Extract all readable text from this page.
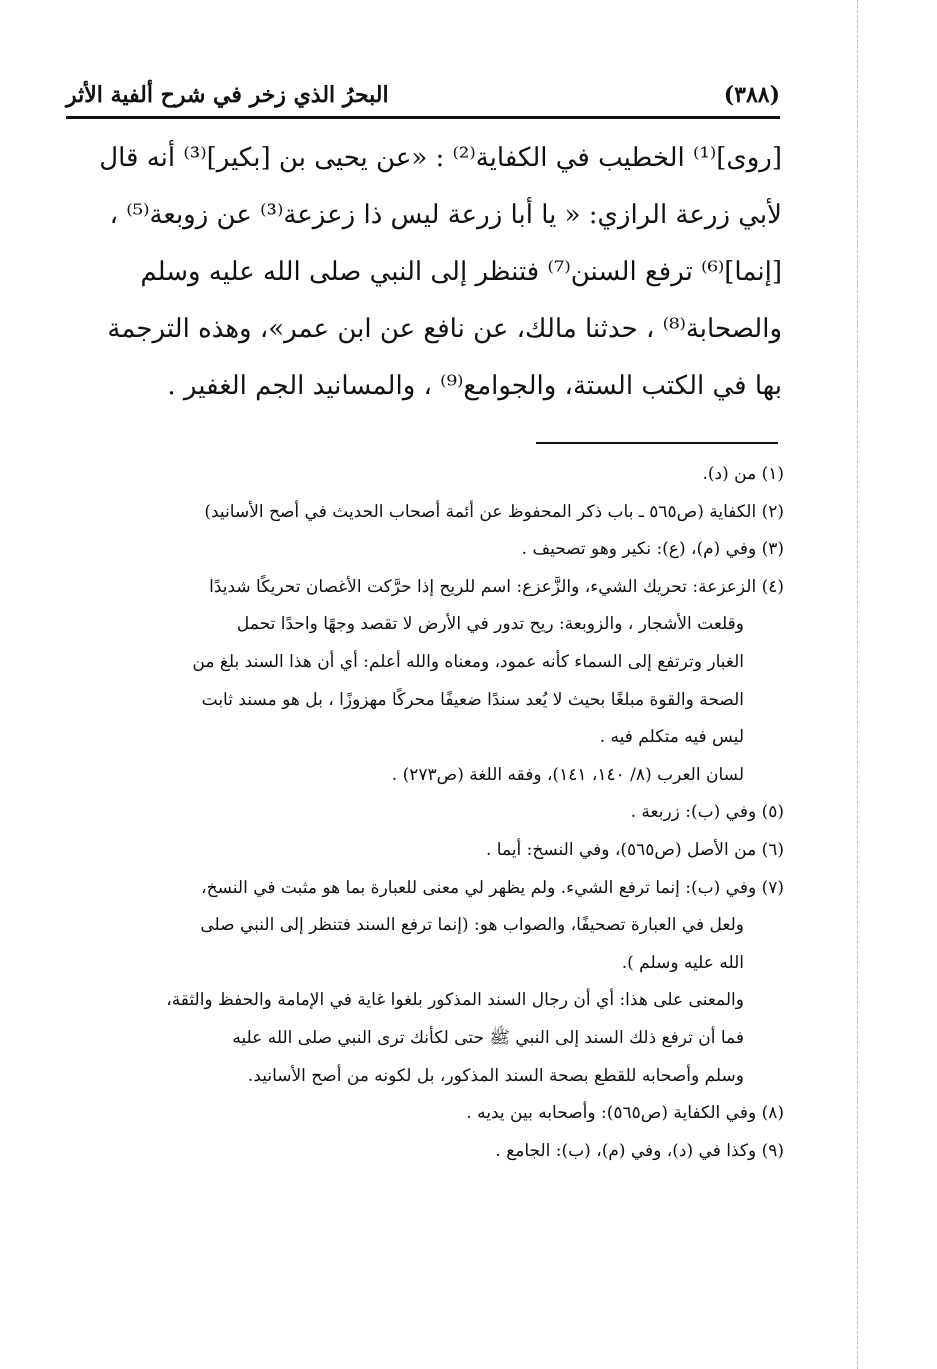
(٣٨٨)
البحرُ الذي زخر في شرح ألفية الأثر

[روى]⁽¹⁾ الخطيب في الكفاية⁽²⁾ : «عن يحيى بن [بكير]⁽³⁾ أنه قال

لأبي زرعة الرازي: « يا أبا زرعة ليس ذا زعزعة⁽³⁾ عن زوبعة⁽⁵⁾ ،

[إنما]⁽⁶⁾ ترفع السنن⁽⁷⁾ فتنظر إلى النبي صلى الله عليه وسلم

والصحابة⁽⁸⁾ ، حدثنا مالك، عن نافع عن ابن عمر»، وهذه الترجمة

بها في الكتب الستة، والجوامع⁽⁹⁾ ، والمسانيد الجم الغفير .

(١) من (د).

(٢) الكفاية (ص٥٦٥ ـ باب ذكر المحفوظ عن أئمة أصحاب الحديث في أصح الأسانيد)

(٣) وفي (م)، (ع): نكير وهو تصحيف .

(٤) الزعزعة: تحريك الشيء، والزَّعزع: اسم للريح إذا حرَّكت الأغصان تحريكًا شديدًا

وقلعت الأشجار ، والزوبعة: ريح تدور في الأرض لا تقصد وجهًا واحدًا تحمل

الغبار وترتفع إلى السماء كأنه عمود، ومعناه والله أعلم: أي أن هذا السند بلغ من

الصحة والقوة مبلغًا بحيث لا يُعد سندًا ضعيفًا محركًا مهزوزًا ، بل هو مسند ثابت

ليس فيه متكلم فيه .

لسان العرب (٨/ ١٤٠، ١٤١)، وفقه اللغة (ص٢٧٣) .

(٥) وفي (ب): زربعة .

(٦) من الأصل (ص٥٦٥)، وفي النسخ: أيما .

(٧) وفي (ب): إنما ترفع الشيء. ولم يظهر لي معنى للعبارة بما هو مثبت في النسخ،

ولعل في العبارة تصحيفًا، والصواب هو: (إنما ترفع السند فتنظر إلى النبي صلى

الله عليه وسلم ).

والمعنى على هذا: أي أن رجال السند المذكور بلغوا غاية في الإمامة والحفظ والثقة،

فما أن ترفع ذلك السند إلى النبي ﷺ حتى لكأنك ترى النبي صلى الله عليه

وسلم وأصحابه للقطع بصحة السند المذكور، بل لكونه من أصح الأسانيد.

(٨) وفي الكفاية (ص٥٦٥): وأصحابه بين يديه .

(٩) وكذا في (د)، وفي (م)، (ب): الجامع .
